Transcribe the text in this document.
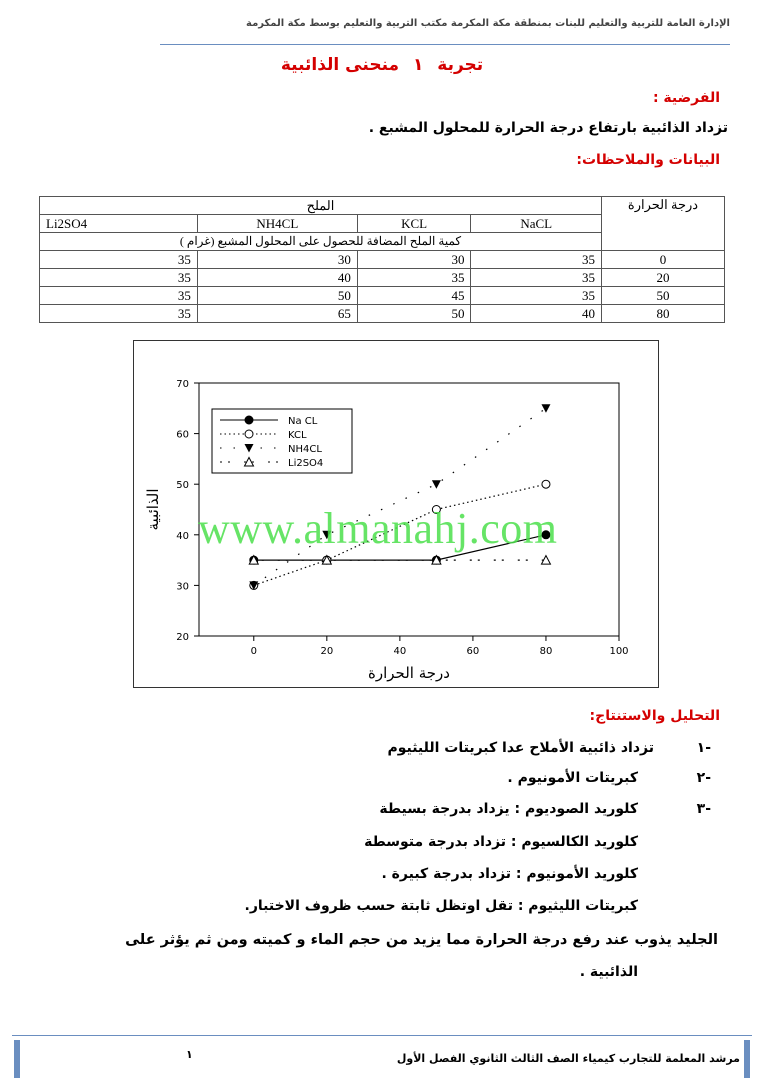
الإدارة العامة للتربية والتعليم للبنات بمنطقة مكة المكرمة مكتب التربية والتعليم بوسط مكة المكرمة
تجربة ١ منحنى الذائبية
الفرضية :
تزداد الذائبية بارتفاع درجة الحرارة للمحلول المشبع .
البيانات والملاحظات:
الملح				درجة الحرارة
Li2SO4	NH4CL	KCL	NaCL	
كمية الملح المضافة للحصول على المحلول المشبع (غرام )				
35	30	30	35	0
35	40	35	35	20
35	50	45	35	50
35	65	50	40	80
20
30
40
50
60
70
0	20	40	60	80	100
درجة الحرارة
الذائبية
Na CL
KCL
NH4CL
Li2SO4
www.almanahj.com
التحليل والاستنتاج:
١-
تزداد ذائبية الأملاح عدا كبريتات الليثيوم
٢-
كبريتات الأمونيوم .
٣-
كلوريد الصوديوم : يزداد بدرجة بسيطة
كلوريد الكالسيوم : تزداد بدرجة متوسطة
كلوريد الأمونيوم : تزداد بدرجة كبيرة .
كبريتات الليثيوم : تقل اوتظل ثابتة حسب ظروف الاختبار.
الجليد يذوب عند رفع درجة الحرارة مما يزيد من حجم الماء و كميته ومن ثم يؤثر على
الذائبية .
١	مرشد المعلمة للتجارب كيمياء الصف الثالث الثانوي الفصل الأول
